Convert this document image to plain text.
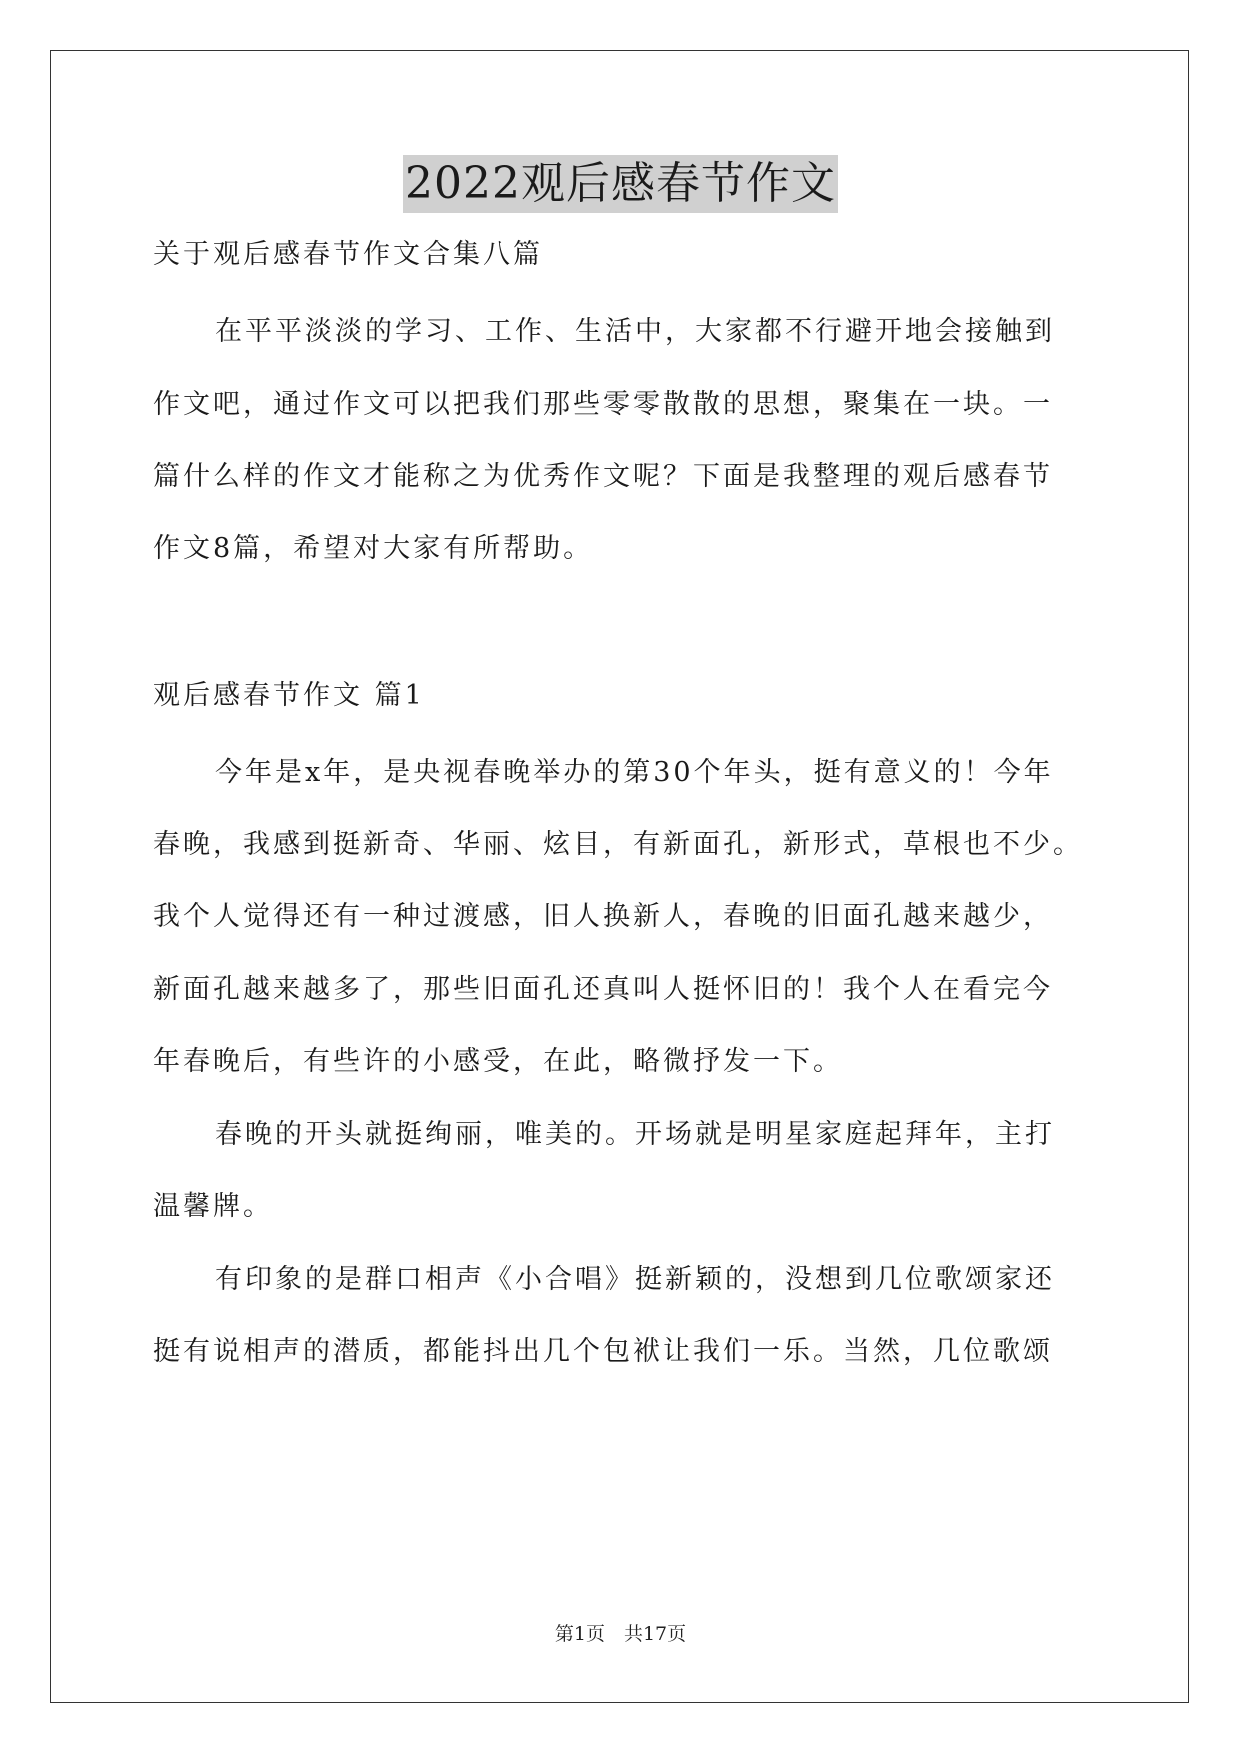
2022观后感春节作文
关于观后感春节作文合集八篇
在平平淡淡的学习、工作、生活中，大家都不行避开地会接触到
作文吧，通过作文可以把我们那些零零散散的思想，聚集在一块。一
篇什么样的作文才能称之为优秀作文呢？下面是我整理的观后感春节
作文8篇，希望对大家有所帮助。
观后感春节作文 篇1
今年是x年，是央视春晚举办的第30个年头，挺有意义的！今年
春晚，我感到挺新奇、华丽、炫目，有新面孔，新形式，草根也不少。
我个人觉得还有一种过渡感，旧人换新人，春晚的旧面孔越来越少，
新面孔越来越多了，那些旧面孔还真叫人挺怀旧的！我个人在看完今
年春晚后，有些许的小感受，在此，略微抒发一下。
春晚的开头就挺绚丽，唯美的。开场就是明星家庭起拜年，主打
温馨牌。
有印象的是群口相声《小合唱》挺新颖的，没想到几位歌颂家还
挺有说相声的潜质，都能抖出几个包袱让我们一乐。当然，几位歌颂
第1页　共17页
